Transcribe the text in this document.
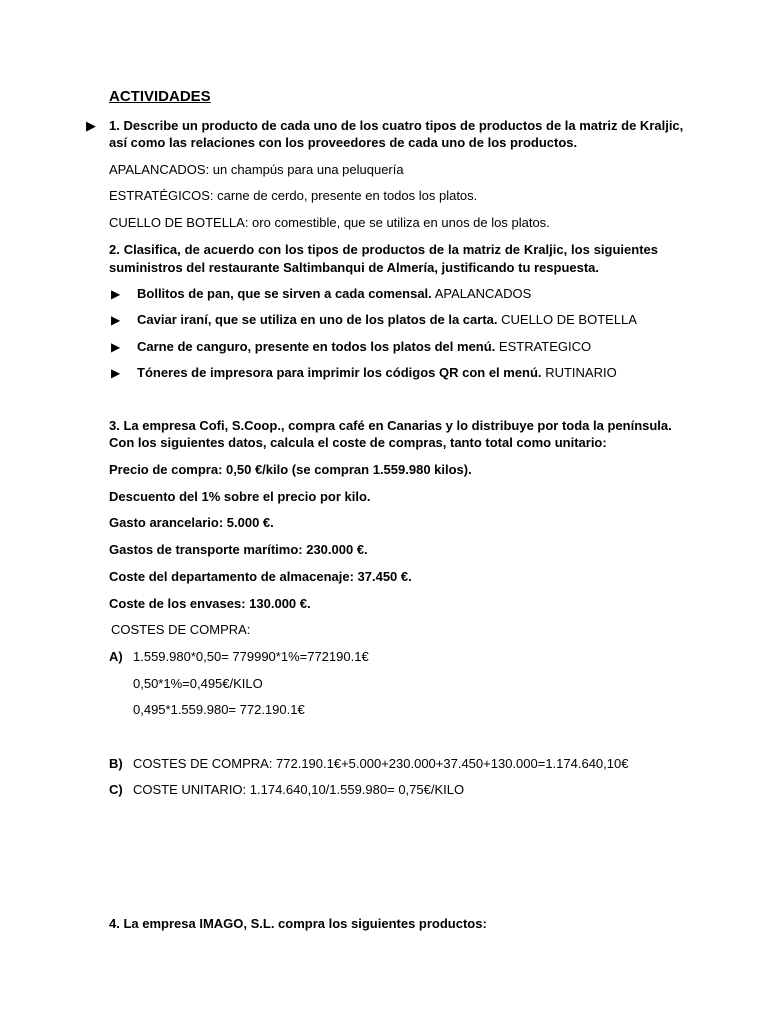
ACTIVIDADES
▶ 1. Describe un producto de cada uno de los cuatro tipos de productos de la matriz de Kraljic,
así como las relaciones con los proveedores de cada uno de los productos.
APALANCADOS: un champús para una peluquería
ESTRATÉGICOS: carne de cerdo, presente en todos los platos.
CUELLO DE BOTELLA: oro comestible, que se utiliza en unos de los platos.
2. Clasifica, de acuerdo con los tipos de productos de la matriz de Kraljic, los siguientes
suministros del restaurante Saltimbanqui de Almería, justificando tu respuesta.
▶ Bollitos de pan, que se sirven a cada comensal. APALANCADOS
▶ Caviar iraní, que se utiliza en uno de los platos de la carta. CUELLO DE BOTELLA
▶ Carne de canguro, presente en todos los platos del menú. ESTRATEGICO
▶ Tóneres de impresora para imprimir los códigos QR con el menú. RUTINARIO
3. La empresa Cofi, S.Coop., compra café en Canarias y lo distribuye por toda la península.
Con los siguientes datos, calcula el coste de compras, tanto total como unitario:
Precio de compra: 0,50 €/kilo (se compran 1.559.980 kilos).
Descuento del 1% sobre el precio por kilo.
Gasto arancelario: 5.000 €.
Gastos de transporte marítimo: 230.000 €.
Coste del departamento de almacenaje: 37.450 €.
Coste de los envases: 130.000 €.
COSTES DE COMPRA:
A) 1.559.980*0,50= 779990*1%=772190.1€
0,50*1%=0,495€/KILO
0,495*1.559.980= 772.190.1€
B) COSTES DE COMPRA: 772.190.1€+5.000+230.000+37.450+130.000=1.174.640,10€
C) COSTE UNITARIO: 1.174.640,10/1.559.980= 0,75€/KILO
4. La empresa IMAGO, S.L. compra los siguientes productos:
